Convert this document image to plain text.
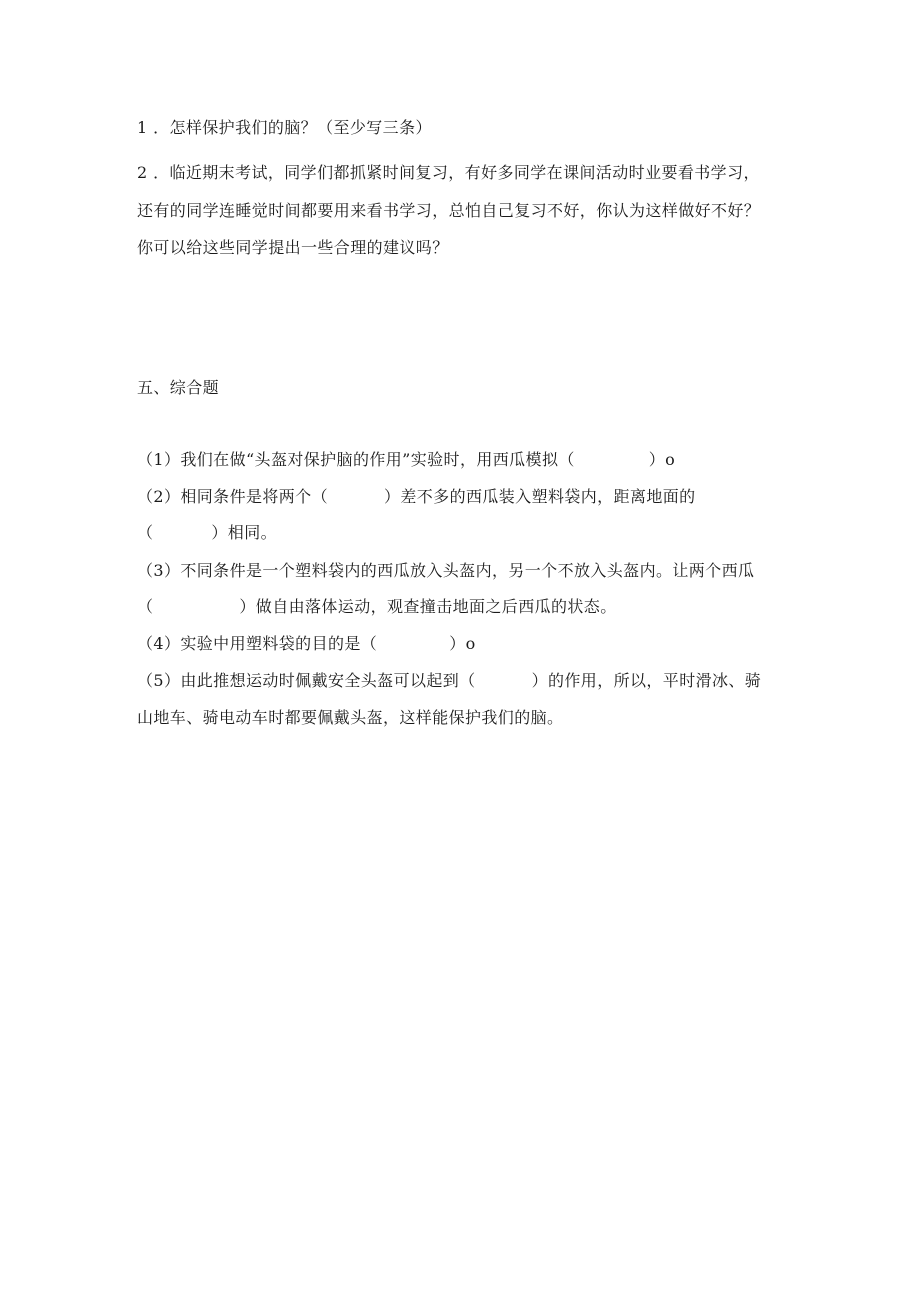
1 ．怎样保护我们的脑？（至少写三条）
2 ．临近期末考试，同学们都抓紧时间复习，有好多同学在课间活动时业要看书学习，
还有的同学连睡觉时间都要用来看书学习，总怕自己复习不好，你认为这样做好不好？
你可以给这些同学提出一些合理的建议吗？
五、综合题
（1）我们在做“头盔对保护脑的作用”实验时，用西瓜模拟（	）o
（2）相同条件是将两个（	）差不多的西瓜装入塑料袋内，距离地面的
（	）相同。
（3）不同条件是一个塑料袋内的西瓜放入头盔内，另一个不放入头盔内。让两个西瓜
（	）做自由落体运动，观查撞击地面之后西瓜的状态。
（4）实验中用塑料袋的目的是（	）o
（5）由此推想运动时佩戴安全头盔可以起到（	）的作用，所以，平时滑冰、骑
山地车、骑电动车时都要佩戴头盔，这样能保护我们的脑。
